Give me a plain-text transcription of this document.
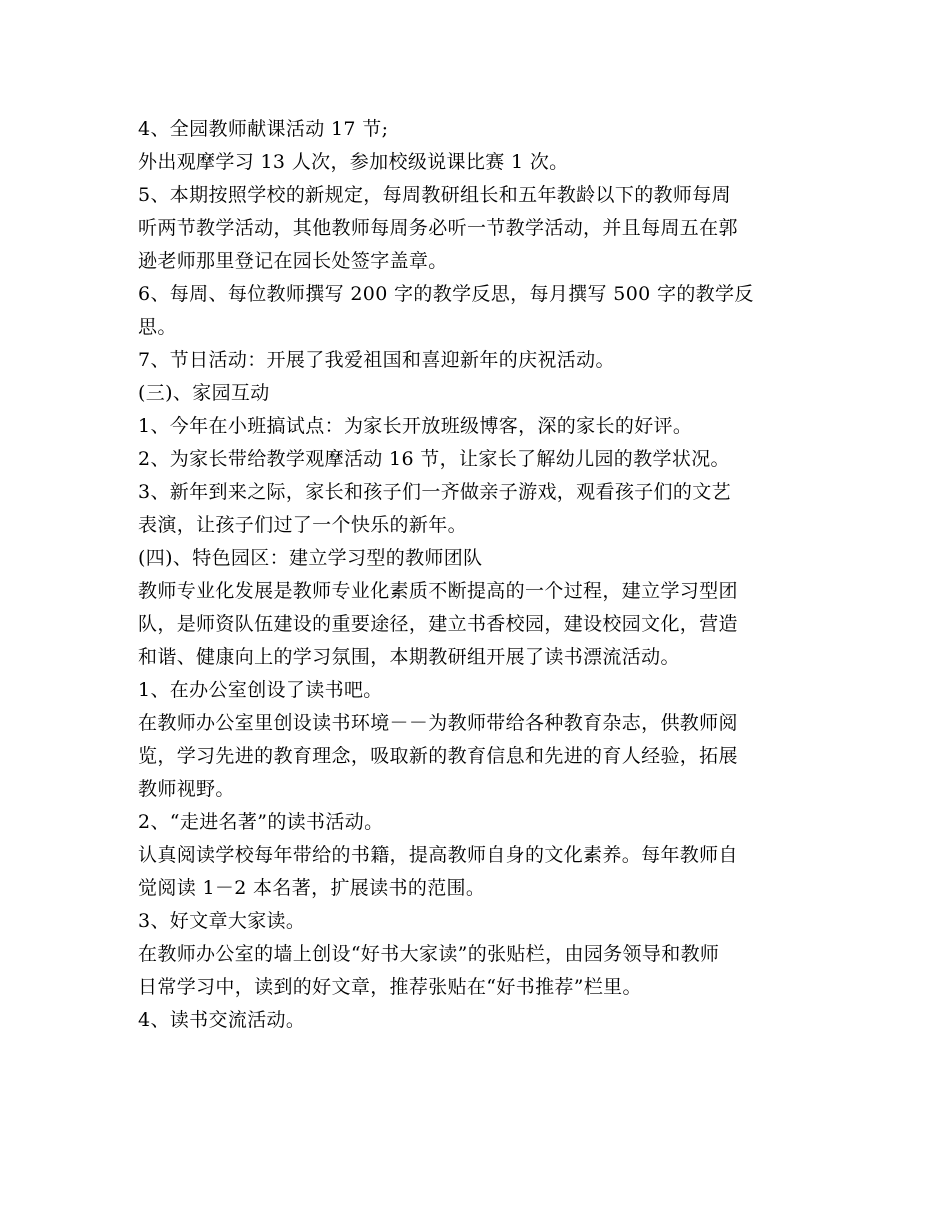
4、全园教师献课活动 17 节;
外出观摩学习 13 人次，参加校级说课比赛 1 次。
5、本期按照学校的新规定，每周教研组长和五年教龄以下的教师每周
听两节教学活动，其他教师每周务必听一节教学活动，并且每周五在郭
逊老师那里登记在园长处签字盖章。
6、每周、每位教师撰写 200 字的教学反思，每月撰写 500 字的教学反
思。
7、节日活动：开展了我爱祖国和喜迎新年的庆祝活动。
(三)、家园互动
1、今年在小班搞试点：为家长开放班级博客，深的家长的好评。
2、为家长带给教学观摩活动 16 节，让家长了解幼儿园的教学状况。
3、新年到来之际，家长和孩子们一齐做亲子游戏，观看孩子们的文艺
表演，让孩子们过了一个快乐的新年。
(四)、特色园区：建立学习型的教师团队
教师专业化发展是教师专业化素质不断提高的一个过程，建立学习型团
队，是师资队伍建设的重要途径，建立书香校园，建设校园文化，营造
和谐、健康向上的学习氛围，本期教研组开展了读书漂流活动。
1、在办公室创设了读书吧。
在教师办公室里创设读书环境－－为教师带给各种教育杂志，供教师阅
览，学习先进的教育理念，吸取新的教育信息和先进的育人经验，拓展
教师视野。
2、“走进名著”的读书活动。
认真阅读学校每年带给的书籍，提高教师自身的文化素养。每年教师自
觉阅读 1－2 本名著，扩展读书的范围。
3、好文章大家读。
在教师办公室的墙上创设“好书大家读”的张贴栏，由园务领导和教师
日常学习中，读到的好文章，推荐张贴在“好书推荐”栏里。
4、读书交流活动。
